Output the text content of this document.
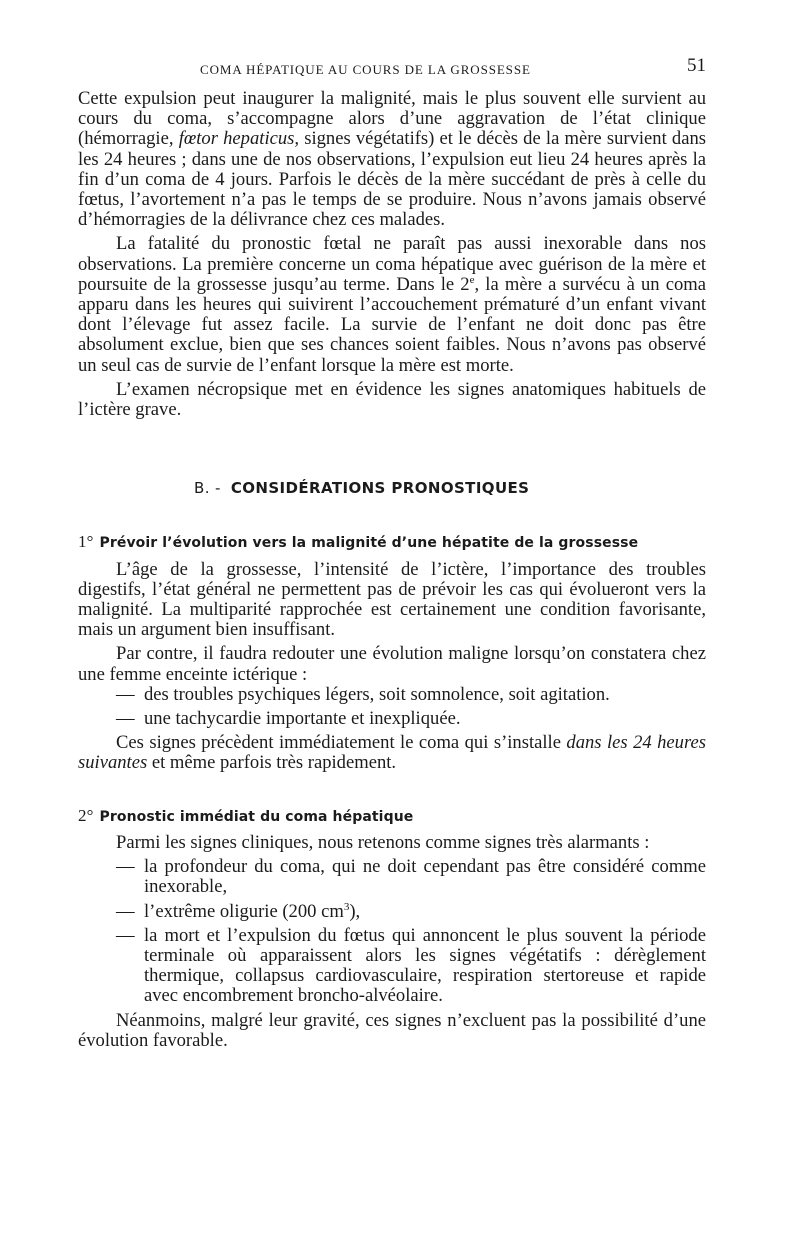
COMA HÉPATIQUE AU COURS DE LA GROSSESSE	51

Cette expulsion peut inaugurer la malignité, mais le plus souvent elle survient au cours du coma, s’accompagne alors d’une aggravation de l’état clinique (hémorragie, fœtor hepaticus, signes végétatifs) et le décès de la mère survient dans les 24 heures ; dans une de nos observations, l’expulsion eut lieu 24 heures après la fin d’un coma de 4 jours. Parfois le décès de la mère succédant de près à celle du fœtus, l’avortement n’a pas le temps de se produire. Nous n’avons jamais observé d’hémorragies de la délivrance chez ces malades.

La fatalité du pronostic fœtal ne paraît pas aussi inexorable dans nos observations. La première concerne un coma hépatique avec guérison de la mère et poursuite de la grossesse jusqu’au terme. Dans le 2e, la mère a survécu à un coma apparu dans les heures qui suivirent l’accouchement prématuré d’un enfant vivant dont l’élevage fut assez facile. La survie de l’enfant ne doit donc pas être absolument exclue, bien que ses chances soient faibles. Nous n’avons pas observé un seul cas de survie de l’enfant lorsque la mère est morte.

L’examen nécropsique met en évidence les signes anatomiques habituels de l’ictère grave.

B. - CONSIDÉRATIONS PRONOSTIQUES
1° Prévoir l’évolution vers la malignité d’une hépatite de la grossesse

L’âge de la grossesse, l’intensité de l’ictère, l’importance des troubles digestifs, l’état général ne permettent pas de prévoir les cas qui évolueront vers la malignité. La multiparité rapprochée est certainement une condition favorisante, mais un argument bien insuffisant.

Par contre, il faudra redouter une évolution maligne lorsqu’on constatera chez une femme enceinte ictérique :

— des troubles psychiques légers, soit somnolence, soit agitation.
— une tachycardie importante et inexpliquée.

Ces signes précèdent immédiatement le coma qui s’installe dans les 24 heures suivantes et même parfois très rapidement.

2° Pronostic immédiat du coma hépatique

Parmi les signes cliniques, nous retenons comme signes très alarmants :

— la profondeur du coma, qui ne doit cependant pas être considéré comme inexorable,
— l’extrême oligurie (200 $cm^3$),
— la mort et l’expulsion du fœtus qui annoncent le plus souvent la période terminale où apparaissent alors les signes végétatifs : dérèglement thermique, collapsus cardiovasculaire, respiration stertoreuse et rapide avec encombrement broncho-alvéolaire.

Néanmoins, malgré leur gravité, ces signes n’excluent pas la possibilité d’une évolution favorable.
